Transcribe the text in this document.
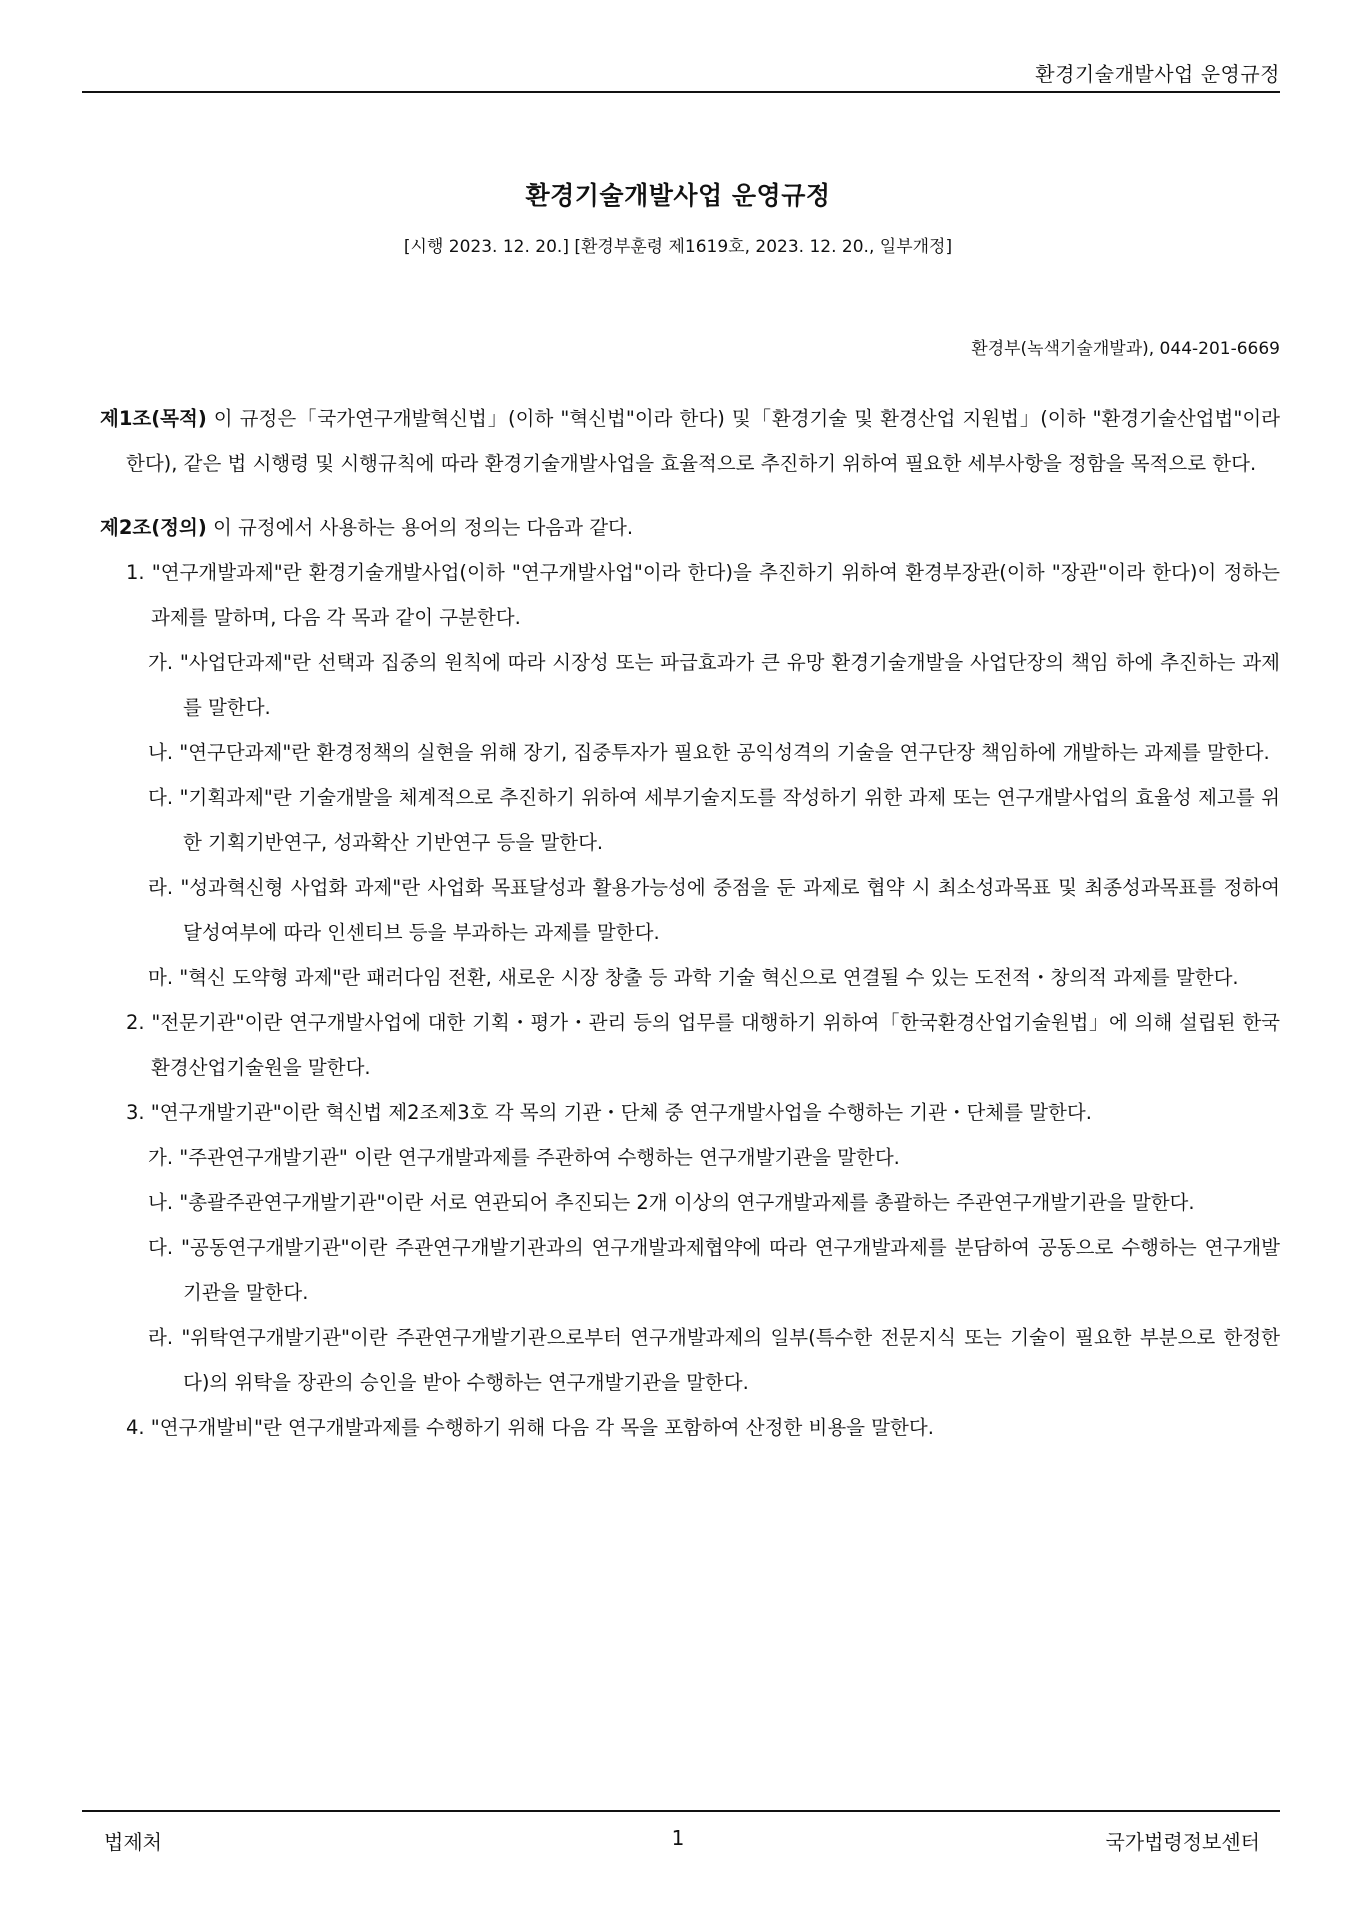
환경기술개발사업 운영규정
환경기술개발사업 운영규정
[시행 2023. 12. 20.] [환경부훈령 제1619호, 2023. 12. 20., 일부개정]
환경부(녹색기술개발과), 044-201-6669
제1조(목적) 이 규정은「국가연구개발혁신법」(이하 "혁신법"이라 한다) 및「환경기술 및 환경산업 지원법」(이하 "환경기술산업법"이라 한다), 같은 법 시행령 및 시행규칙에 따라 환경기술개발사업을 효율적으로 추진하기 위하여 필요한 세부사항을 정함을 목적으로 한다.
제2조(정의) 이 규정에서 사용하는 용어의 정의는 다음과 같다.
1. "연구개발과제"란 환경기술개발사업(이하 "연구개발사업"이라 한다)을 추진하기 위하여 환경부장관(이하 "장관"이라 한다)이 정하는 과제를 말하며, 다음 각 목과 같이 구분한다.
가. "사업단과제"란 선택과 집중의 원칙에 따라 시장성 또는 파급효과가 큰 유망 환경기술개발을 사업단장의 책임 하에 추진하는 과제를 말한다.
나. "연구단과제"란 환경정책의 실현을 위해 장기, 집중투자가 필요한 공익성격의 기술을 연구단장 책임하에 개발하는 과제를 말한다.
다. "기획과제"란 기술개발을 체계적으로 추진하기 위하여 세부기술지도를 작성하기 위한 과제 또는 연구개발사업의 효율성 제고를 위한 기획기반연구, 성과확산 기반연구 등을 말한다.
라. "성과혁신형 사업화 과제"란 사업화 목표달성과 활용가능성에 중점을 둔 과제로 협약 시 최소성과목표 및 최종성과목표를 정하여 달성여부에 따라 인센티브 등을 부과하는 과제를 말한다.
마. "혁신 도약형 과제"란 패러다임 전환, 새로운 시장 창출 등 과학 기술 혁신으로 연결될 수 있는 도전적・창의적 과제를 말한다.
2. "전문기관"이란 연구개발사업에 대한 기획・평가・관리 등의 업무를 대행하기 위하여「한국환경산업기술원법」에 의해 설립된 한국환경산업기술원을 말한다.
3. "연구개발기관"이란 혁신법 제2조제3호 각 목의 기관・단체 중 연구개발사업을 수행하는 기관・단체를 말한다.
가. "주관연구개발기관" 이란 연구개발과제를 주관하여 수행하는 연구개발기관을 말한다.
나. "총괄주관연구개발기관"이란 서로 연관되어 추진되는 2개 이상의 연구개발과제를 총괄하는 주관연구개발기관을 말한다.
다. "공동연구개발기관"이란 주관연구개발기관과의 연구개발과제협약에 따라 연구개발과제를 분담하여 공동으로 수행하는 연구개발기관을 말한다.
라. "위탁연구개발기관"이란 주관연구개발기관으로부터 연구개발과제의 일부(특수한 전문지식 또는 기술이 필요한 부분으로 한정한다)의 위탁을 장관의 승인을 받아 수행하는 연구개발기관을 말한다.
4. "연구개발비"란 연구개발과제를 수행하기 위해 다음 각 목을 포함하여 산정한 비용을 말한다.
법제처	1	국가법령정보센터
